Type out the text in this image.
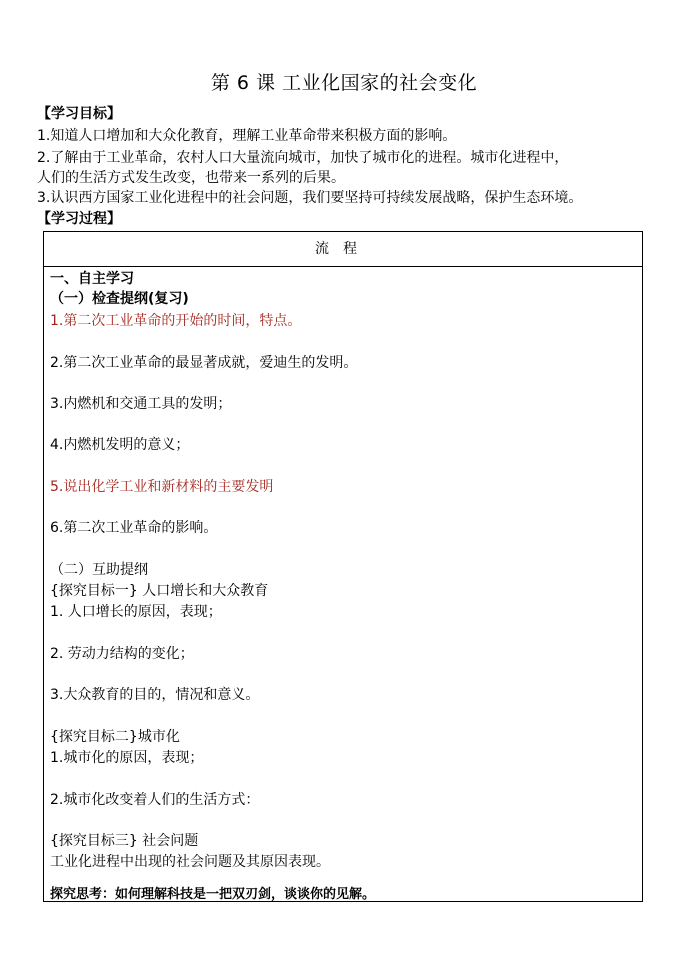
第 6 课 工业化国家的社会变化
【学习目标】
1.知道人口增加和大众化教育，理解工业革命带来积极方面的影响。
2.了解由于工业革命，农村人口大量流向城市，加快了城市化的进程。城市化进程中，
人们的生活方式发生改变，也带来一系列的后果。
3.认识西方国家工业化进程中的社会问题，我们要坚持可持续发展战略，保护生态环境。
【学习过程】
流程
一、自主学习
（一）检查提纲(复习)
1.第二次工业革命的开始的时间，特点。
2.第二次工业革命的最显著成就，爱迪生的发明。
3.内燃机和交通工具的发明；
4.内燃机发明的意义；
5.说出化学工业和新材料的主要发明
6.第二次工业革命的影响。
（二）互助提纲
{探究目标一} 人口增长和大众教育
1. 人口增长的原因，表现；
2. 劳动力结构的变化；
3.大众教育的目的，情况和意义。
{探究目标二}城市化
1.城市化的原因，表现；
2.城市化改变着人们的生活方式：
{探究目标三} 社会问题
工业化进程中出现的社会问题及其原因表现。
探究思考：如何理解科技是一把双刃剑，谈谈你的见解。
